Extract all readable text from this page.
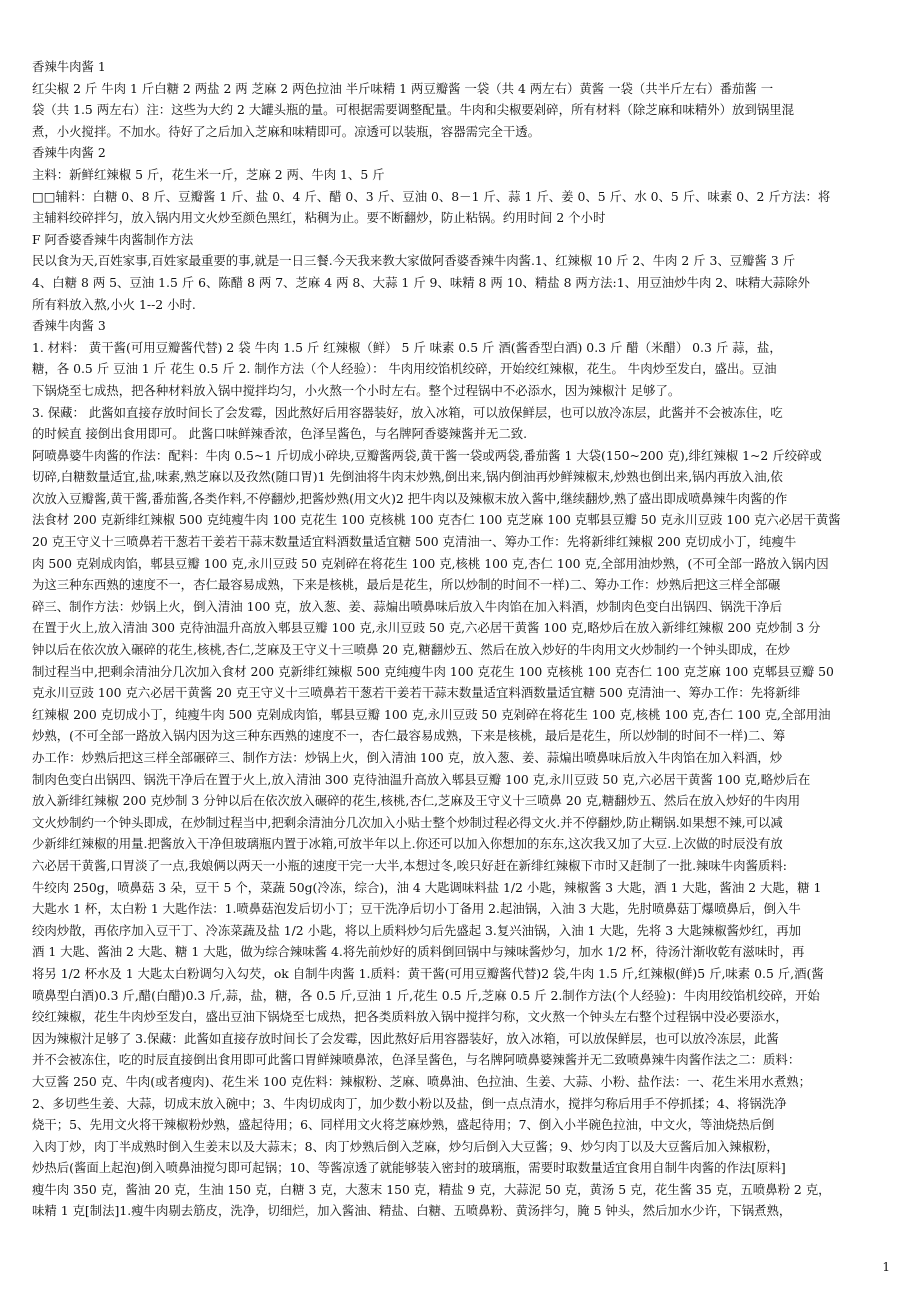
香辣牛肉酱 1
红尖椒 2 斤 牛肉 1 斤白糖 2 两盐 2 两 芝麻 2 两色拉油 半斤味精 1 两豆瓣酱 一袋（共 4 两左右）黄酱 一袋（共半斤左右）番茄酱 一
袋（共 1.5 两左右）注：这些为大约 2 大罐头瓶的量。可根据需要调整配量。牛肉和尖椒要剁碎，所有材料（除芝麻和味精外）放到锅里混
煮，小火搅拌。不加水。待好了之后加入芝麻和味精即可。凉透可以装瓶，容器需完全干透。
香辣牛肉酱 2
主料：新鲜红辣椒 5 斤，花生米一斤，芝麻 2 两、牛肉 1、5 斤
□□辅料：白糖 0、8 斤、豆瓣酱 1 斤、盐 0、4 斤、醋 0、3 斤、豆油 0、8－1 斤、蒜 1 斤、姜 0、5 斤、水 0、5 斤、味素 0、2 斤方法：将
主辅料绞碎拌匀，放入锅内用文火炒至颜色黑红，粘稠为止。要不断翻炒，防止粘锅。约用时间 2 个小时
F 阿香婆香辣牛肉酱制作方法
民以食为天,百姓家事,百姓家最重要的事,就是一日三餐.今天我来教大家做阿香婆香辣牛肉酱.1、红辣椒 10 斤 2、牛肉 2 斤 3、豆瓣酱 3 斤
4、白糖 8 两 5、豆油 1.5 斤 6、陈醋 8 两 7、芝麻 4 两 8、大蒜 1 斤 9、味精 8 两 10、精盐 8 两方法:1、用豆油炒牛肉 2、味精大蒜除外
所有料放入熬,小火 1--2 小时.
香辣牛肉酱 3
1. 材料： 黄干酱(可用豆瓣酱代替) 2 袋 牛肉 1.5 斤 红辣椒（鲜） 5 斤 味素 0.5 斤 酒(酱香型白酒) 0.3 斤 醋（米醋） 0.3 斤 蒜，盐，
糖，各 0.5 斤 豆油 1 斤 花生 0.5 斤 2. 制作方法（个人经验）： 牛肉用绞馅机绞碎，开始绞红辣椒，花生。 牛肉炒至发白，盛出。豆油
下锅烧至七成热，把各种材料放入锅中搅拌均匀，小火熬一个小时左右。整个过程锅中不必添水，因为辣椒汁 足够了。
3. 保藏： 此酱如直接存放时间长了会发霉，因此熬好后用容器装好，放入冰箱，可以放保鲜层，也可以放冷冻层，此酱并不会被冻住，吃
的时候直 接倒出食用即可。 此酱口味鲜辣香浓，色泽呈酱色，与名牌阿香婆辣酱并无二致.
阿喷鼻婆牛肉酱的作法：配料：牛肉 0.5~1 斤切成小碎块,豆瓣酱两袋,黄干酱一袋或两袋,番茄酱 1 大袋(150~200 克),绯红辣椒 1~2 斤绞碎或
切碎,白糖数量适宜,盐,味素,熟芝麻以及孜然(随口胃)1 先倒油将牛肉末炒熟,倒出来,锅内倒油再炒鲜辣椒末,炒熟也倒出来,锅内再放入油,依
次放入豆瓣酱,黄干酱,番茄酱,各类作料,不停翻炒,把酱炒熟(用文火)2 把牛肉以及辣椒末放入酱中,继续翻炒,熟了盛出即成喷鼻辣牛肉酱的作
法食材 200 克新绯红辣椒 500 克纯瘦牛肉 100 克花生 100 克核桃 100 克杏仁 100 克芝麻 100 克郫县豆瓣 50 克永川豆豉 100 克六必居干黄酱
20 克王守义十三喷鼻若干葱若干姜若干蒜末数量适宜料酒数量适宜糖 500 克清油一、筹办工作：先将新绯红辣椒 200 克切成小丁，纯瘦牛
肉 500 克剁成肉馅，郫县豆瓣 100 克,永川豆豉 50 克剁碎在将花生 100 克,核桃 100 克,杏仁 100 克,全部用油炒熟，(不可全部一路放入锅内因
为这三种东西熟的速度不一，杏仁最容易成熟，下来是核桃，最后是花生，所以炒制的时间不一样)二、筹办工作：炒熟后把这三样全部碾
碎三、制作方法：炒锅上火，倒入清油 100 克，放入葱、姜、蒜煸出喷鼻味后放入牛肉馅在加入料酒，炒制肉色变白出锅四、锅洗干净后
在置于火上,放入清油 300 克待油温升高放入郫县豆瓣 100 克,永川豆豉 50 克,六必居干黄酱 100 克,略炒后在放入新绯红辣椒 200 克炒制 3 分
钟以后在依次放入碾碎的花生,核桃,杏仁,芝麻及王守义十三喷鼻 20 克,糖翻炒五、然后在放入炒好的牛肉用文火炒制约一个钟头即成，在炒
制过程当中,把剩余清油分几次加入食材 200 克新绯红辣椒 500 克纯瘦牛肉 100 克花生 100 克核桃 100 克杏仁 100 克芝麻 100 克郫县豆瓣 50
克永川豆豉 100 克六必居干黄酱 20 克王守义十三喷鼻若干葱若干姜若干蒜末数量适宜料酒数量适宜糖 500 克清油一、筹办工作：先将新绯
红辣椒 200 克切成小丁，纯瘦牛肉 500 克剁成肉馅，郫县豆瓣 100 克,永川豆豉 50 克剁碎在将花生 100 克,核桃 100 克,杏仁 100 克,全部用油
炒熟，(不可全部一路放入锅内因为这三种东西熟的速度不一，杏仁最容易成熟，下来是核桃，最后是花生，所以炒制的时间不一样)二、筹
办工作：炒熟后把这三样全部碾碎三、制作方法：炒锅上火，倒入清油 100 克，放入葱、姜、蒜煸出喷鼻味后放入牛肉馅在加入料酒，炒
制肉色变白出锅四、锅洗干净后在置于火上,放入清油 300 克待油温升高放入郫县豆瓣 100 克,永川豆豉 50 克,六必居干黄酱 100 克,略炒后在
放入新绯红辣椒 200 克炒制 3 分钟以后在依次放入碾碎的花生,核桃,杏仁,芝麻及王守义十三喷鼻 20 克,糖翻炒五、然后在放入炒好的牛肉用
文火炒制约一个钟头即成，在炒制过程当中,把剩余清油分几次加入小贴士整个炒制过程必得文火.并不停翻炒,防止糊锅.如果想不辣,可以减
少新绯红辣椒的用量.把酱放入干净但玻璃瓶内置于冰箱,可放半年以上.你还可以加入你想加的东东,这次我又加了大豆.上次做的时辰没有放
六必居干黄酱,口胃淡了一点,我娘俩以两天一小瓶的速度干完一大半,本想过冬,唉只好赶在新绯红辣椒下市时又赶制了一批.辣味牛肉酱质料:
牛绞肉 250g，喷鼻菇 3 朵，豆干 5 个，菜蔬 50g(冷冻，综合)，油 4 大匙调味料盐 1/2 小匙，辣椒酱 3 大匙，酒 1 大匙，酱油 2 大匙，糖 1
大匙水 1 杯，太白粉 1 大匙作法：1.喷鼻菇泡发后切小丁；豆干洗净后切小丁备用 2.起油锅，入油 3 大匙，先肘喷鼻菇丁爆喷鼻后，倒入牛
绞肉炒散，再依序加入豆干丁、冷冻菜蔬及盐 1/2 小匙，将以上质料炒匀后先盛起 3.复兴油锅，入油 1 大匙，先将 3 大匙辣椒酱炒红，再加
酒 1 大匙、酱油 2 大匙、糖 1 大匙，做为综合辣味酱 4.将先前炒好的质料倒回锅中与辣味酱炒匀，加水 1/2 杯，待汤汁渐收乾有滋味时，再
将另 1/2 杯水及 1 大匙太白粉调匀入勾芡，ok 自制牛肉酱 1.质料：黄干酱(可用豆瓣酱代替)2 袋,牛肉 1.5 斤,红辣椒(鲜)5 斤,味素 0.5 斤,酒(酱
喷鼻型白酒)0.3 斤,醋(白醋)0.3 斤,蒜，盐，糖，各 0.5 斤,豆油 1 斤,花生 0.5 斤,芝麻 0.5 斤 2.制作方法(个人经验)：牛肉用绞馅机绞碎，开始
绞红辣椒，花生牛肉炒至发白，盛出豆油下锅烧至七成热，把各类质料放入锅中搅拌匀称，文火熬一个钟头左右整个过程锅中没必要添水，
因为辣椒汁足够了 3.保藏：此酱如直接存放时间长了会发霉，因此熬好后用容器装好，放入冰箱，可以放保鲜层，也可以放冷冻层，此酱
并不会被冻住，吃的时辰直接倒出食用即可此酱口胃鲜辣喷鼻浓，色泽呈酱色，与名牌阿喷鼻婆辣酱并无二致喷鼻辣牛肉酱作法之二：质料：
大豆酱 250 克、牛肉(或者瘦肉)、花生米 100 克佐料：辣椒粉、芝麻、喷鼻油、色拉油、生姜、大蒜、小粉、盐作法：一、花生米用水煮熟；
2、多切些生姜、大蒜，切成末放入碗中；3、牛肉切成肉丁，加少数小粉以及盐，倒一点点清水，搅拌匀称后用手不停抓揉；4、将锅洗净
烧干；5、先用文火将干辣椒粉炒熟，盛起待用；6、同样用文火将芝麻炒熟，盛起待用；7、倒入小半碗色拉油，中文火，等油烧热后倒
入肉丁炒，肉丁半成熟时倒入生姜末以及大蒜末；8、肉丁炒熟后倒入芝麻，炒匀后倒入大豆酱；9、炒匀肉丁以及大豆酱后加入辣椒粉，
炒热后(酱面上起泡)倒入喷鼻油搅匀即可起锅；10、等酱凉透了就能够装入密封的玻璃瓶，需要时取数量适宜食用自制牛肉酱的作法[原料]
瘦牛肉 350 克，酱油 20 克，生油 150 克，白糖 3 克，大葱末 150 克，精盐 9 克，大蒜泥 50 克，黄汤 5 克，花生酱 35 克，五喷鼻粉 2 克，
味精 1 克[制法]1.瘦牛肉剔去筋皮，洗净，切细烂，加入酱油、精盐、白糖、五喷鼻粉、黄汤拌匀，腌 5 钟头，然后加水少许，下锅煮熟，
1
